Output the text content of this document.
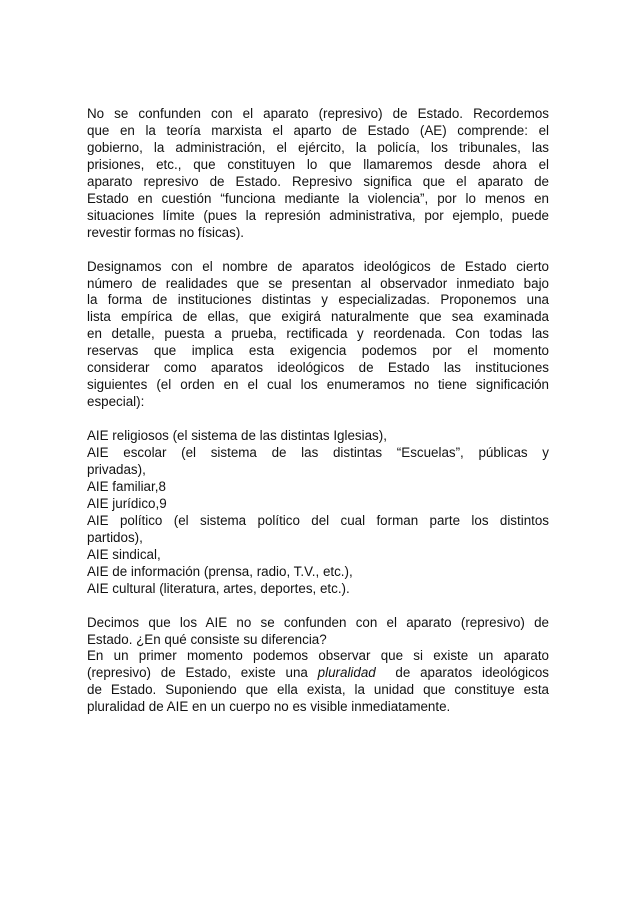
No se confunden con el aparato (represivo) de Estado. Recordemos
que en la teoría marxista el aparto de Estado (AE) comprende: el
gobierno, la administración, el ejército, la policía, los tribunales, las
prisiones, etc., que constituyen lo que llamaremos desde ahora el
aparato represivo de Estado. Represivo significa que el aparato de
Estado en cuestión “funciona mediante la violencia”, por lo menos en
situaciones límite (pues la represión administrativa, por ejemplo, puede
revestir formas no físicas).
Designamos con el nombre de aparatos ideológicos de Estado cierto
número de realidades que se presentan al observador inmediato bajo
la forma de instituciones distintas y especializadas. Proponemos una
lista empírica de ellas, que exigirá naturalmente que sea examinada
en detalle, puesta a prueba, rectificada y reordenada. Con todas las
reservas que implica esta exigencia podemos por el momento
considerar como aparatos ideológicos de Estado las instituciones
siguientes (el orden en el cual los enumeramos no tiene significación
especial):
AIE religiosos (el sistema de las distintas Iglesias),
AIE escolar (el sistema de las distintas “Escuelas”, públicas y
privadas),
AIE familiar,8
AIE jurídico,9
AIE político (el sistema político del cual forman parte los distintos
partidos),
AIE sindical,
AIE de información (prensa, radio, T.V., etc.),
AIE cultural (literatura, artes, deportes, etc.).
Decimos que los AIE no se confunden con el aparato (represivo) de
Estado. ¿En qué consiste su diferencia?
En un primer momento podemos observar que si existe un aparato
(represivo) de Estado, existe una pluralidad de aparatos ideológicos
de Estado. Suponiendo que ella exista, la unidad que constituye esta
pluralidad de AIE en un cuerpo no es visible inmediatamente.
